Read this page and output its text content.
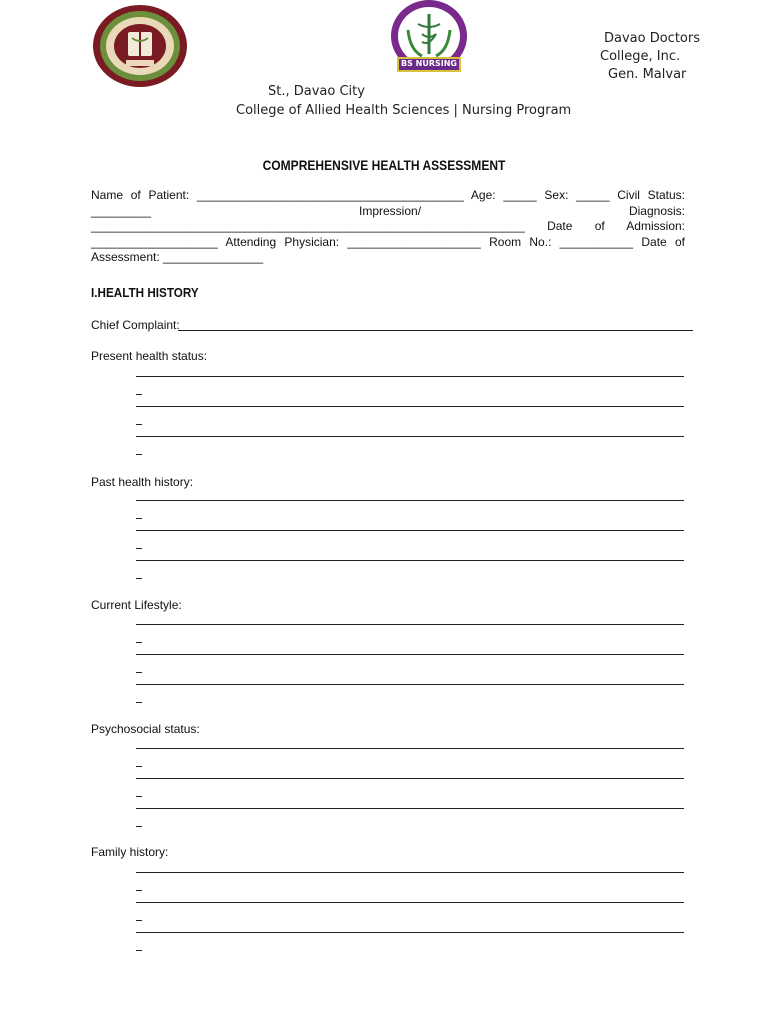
BS NURSING
Davao Doctors
College, Inc.
Gen. Malvar
St., Davao City
College of Allied Health Sciences | Nursing Program
COMPREHENSIVE HEALTH ASSESSMENT
Name of Patient: ________________________________________ Age: _____ Sex: _____ Civil Status: _________ Impression/ Diagnosis: _________________________________________________________________ Date of Admission: ___________________ Attending Physician: ____________________ Room No.: ___________ Date of Assessment: _______________
I.HEALTH HISTORY
Chief Complaint:
Present health status:
Past health history:
Current Lifestyle:
Psychosocial status:
Family history:
